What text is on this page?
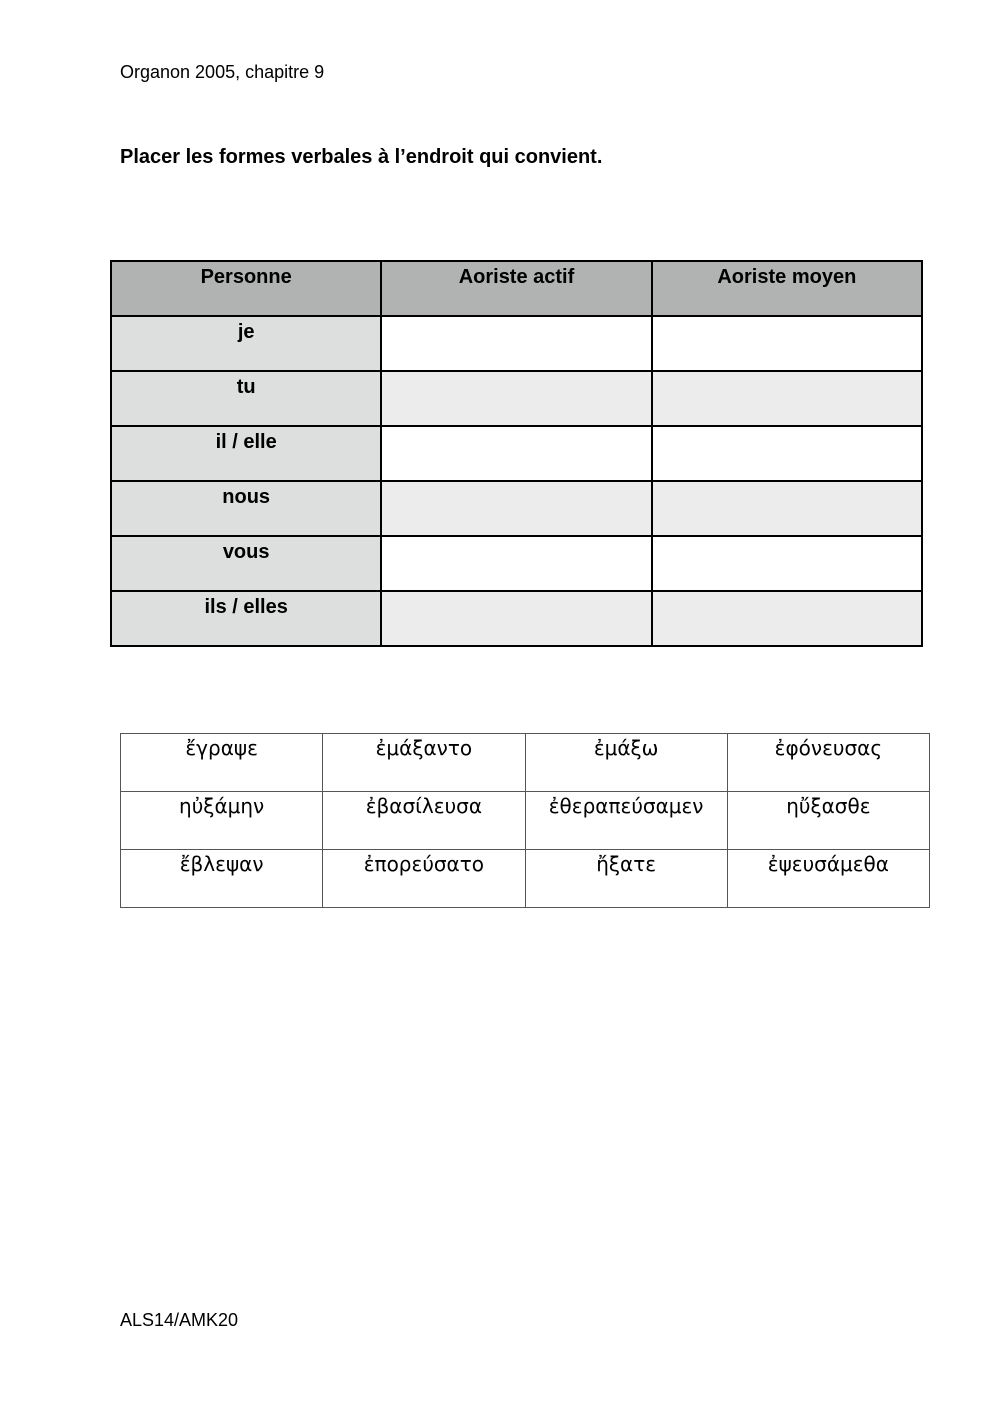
Organon 2005, chapitre 9
Placer les formes verbales à l’endroit qui convient.
Personne	Aoriste actif	Aoriste moyen
je		
tu		
il / elle		
nous		
vous		
ils / elles		
ἔγραψε	ἐμάξαντο	ἐμάξω	ἐφόνευσας
ηὐξάμην	ἐβασίλευσα	ἐθεραπεύσαμεν	ηὔξασθε
ἔβλεψαν	ἐπορεύσατο	ἤξατε	ἐψευσάμεθα
ALS14/AMK20
